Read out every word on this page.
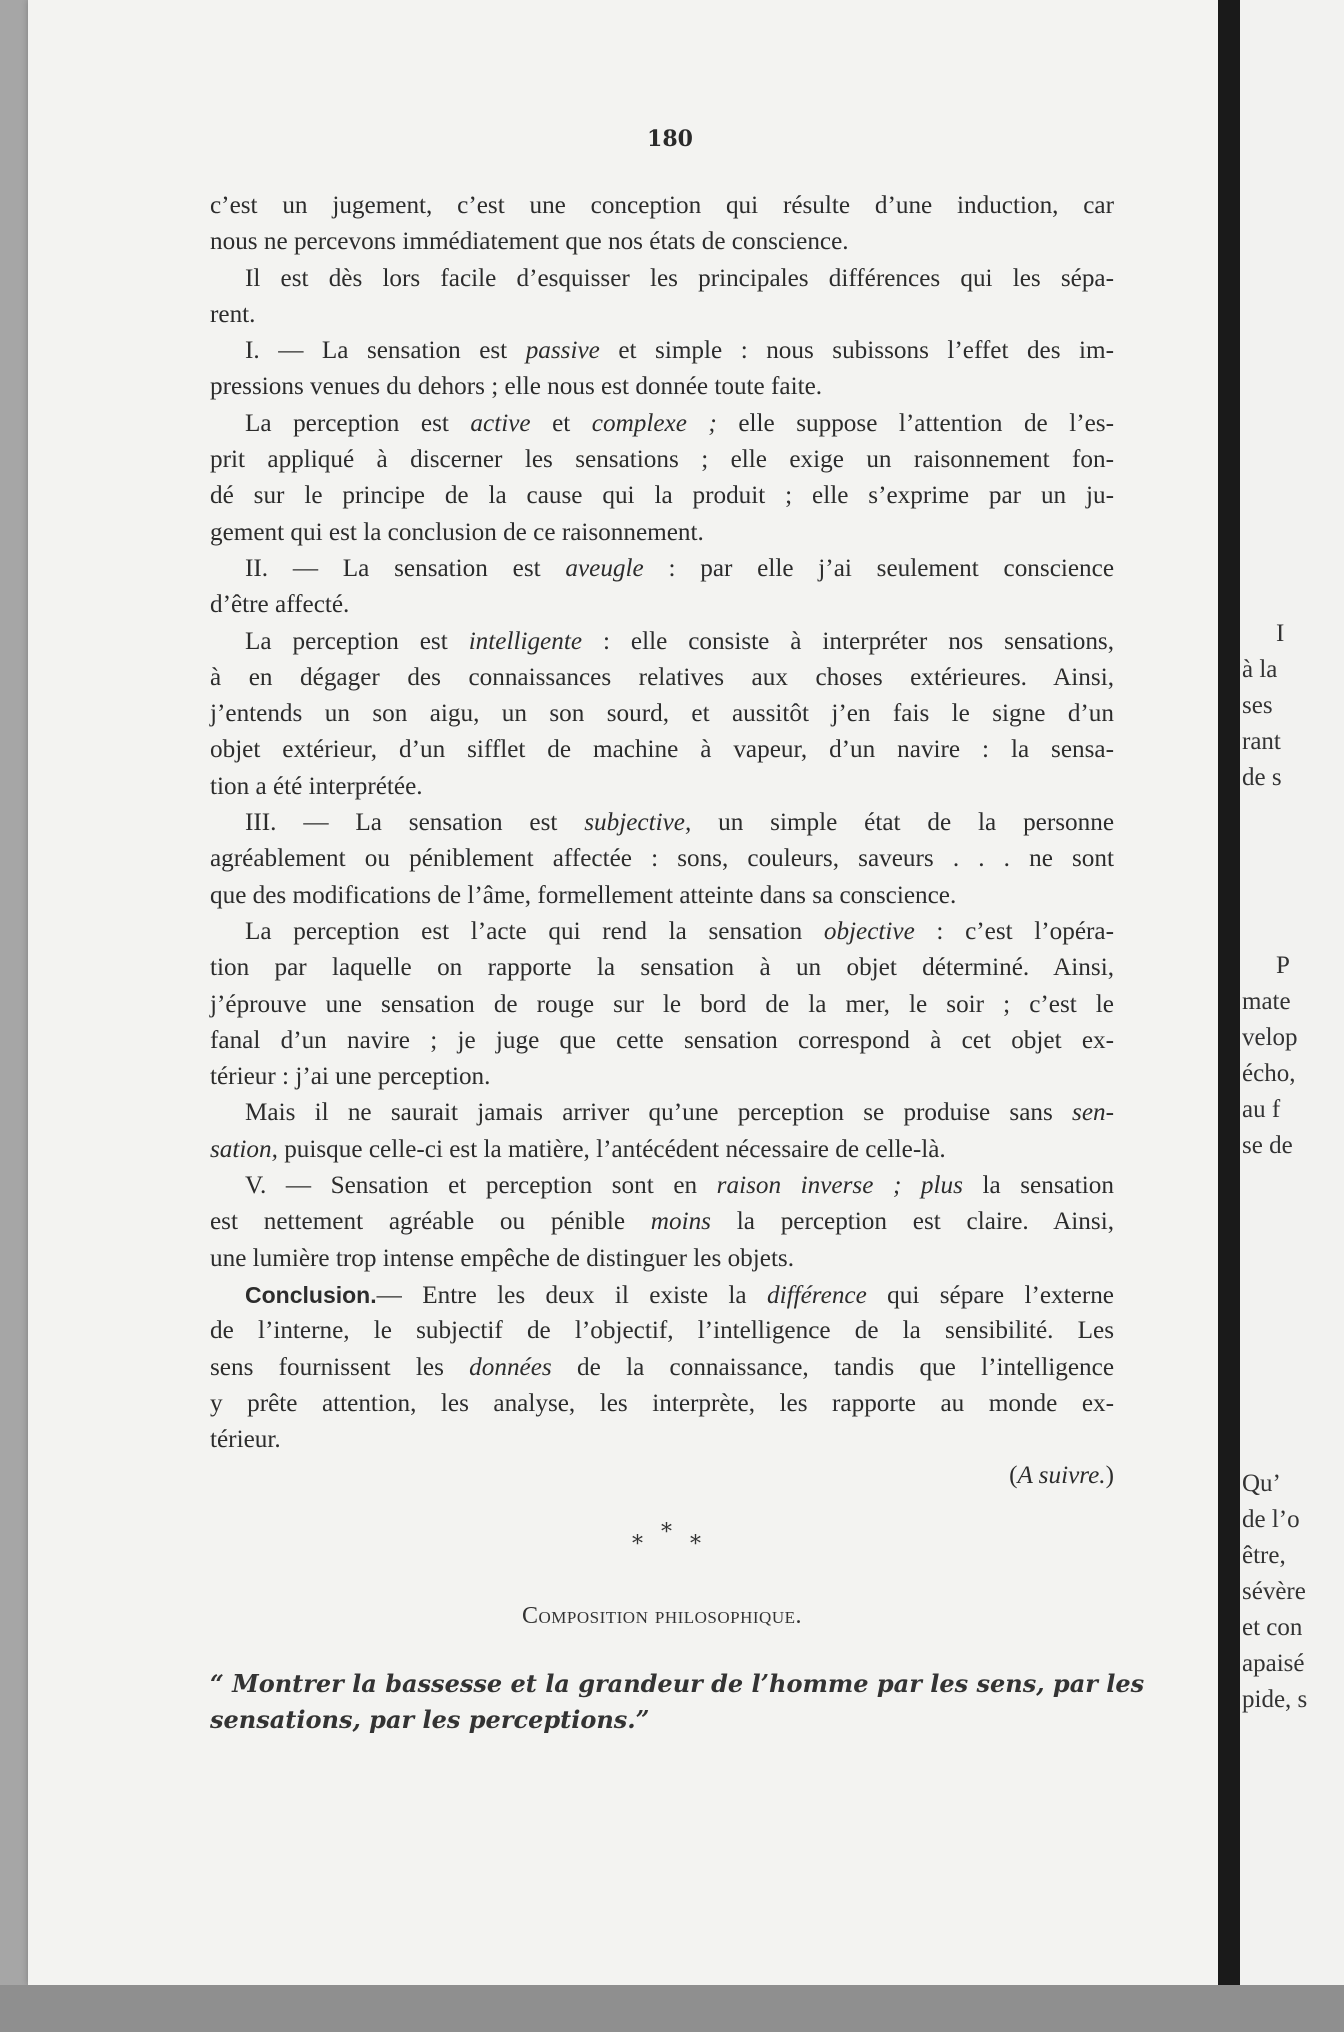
180
c’est un jugement, c’est une conception qui résulte d’une induction, car
nous ne percevons immédiatement que nos états de conscience.
Il est dès lors facile d’esquisser les principales différences qui les sépa-
rent.
I. — La sensation est passive et simple : nous subissons l’effet des im-
pressions venues du dehors ; elle nous est donnée toute faite.
La perception est active et complexe ; elle suppose l’attention de l’es-
prit appliqué à discerner les sensations ; elle exige un raisonnement fon-
dé sur le principe de la cause qui la produit ; elle s’exprime par un ju-
gement qui est la conclusion de ce raisonnement.
II. — La sensation est aveugle : par elle j’ai seulement conscience
d’être affecté.
La perception est intelligente : elle consiste à interpréter nos sensations,
à en dégager des connaissances relatives aux choses extérieures. Ainsi,
j’entends un son aigu, un son sourd, et aussitôt j’en fais le signe d’un
objet extérieur, d’un sifflet de machine à vapeur, d’un navire : la sensa-
tion a été interprétée.
III. — La sensation est subjective, un simple état de la personne
agréablement ou péniblement affectée : sons, couleurs, saveurs . . . ne sont
que des modifications de l’âme, formellement atteinte dans sa conscience.
La perception est l’acte qui rend la sensation objective : c’est l’opéra-
tion par laquelle on rapporte la sensation à un objet déterminé. Ainsi,
j’éprouve une sensation de rouge sur le bord de la mer, le soir ; c’est le
fanal d’un navire ; je juge que cette sensation correspond à cet objet ex-
térieur : j’ai une perception.
Mais il ne saurait jamais arriver qu’une perception se produise sans sen-
sation, puisque celle-ci est la matière, l’antécédent nécessaire de celle-là.
V. — Sensation et perception sont en raison inverse ; plus la sensation
est nettement agréable ou pénible moins la perception est claire. Ainsi,
une lumière trop intense empêche de distinguer les objets.
Conclusion.— Entre les deux il existe la différence qui sépare l’externe
de l’interne, le subjectif de l’objectif, l’intelligence de la sensibilité. Les
sens fournissent les données de la connaissance, tandis que l’intelligence
y prête attention, les analyse, les interprète, les rapporte au monde ex-
térieur.
(A suivre.)
* * *
Composition philosophique.
“ Montrer la bassesse et la grandeur de l’homme par les sens, par les
sensations, par les perceptions.”
I
à la
ses
rant
de s
P
mate
velop
écho,
au f
se de
Qu’
de l’o
être,
sévère
et con
apaisé
pide, s
